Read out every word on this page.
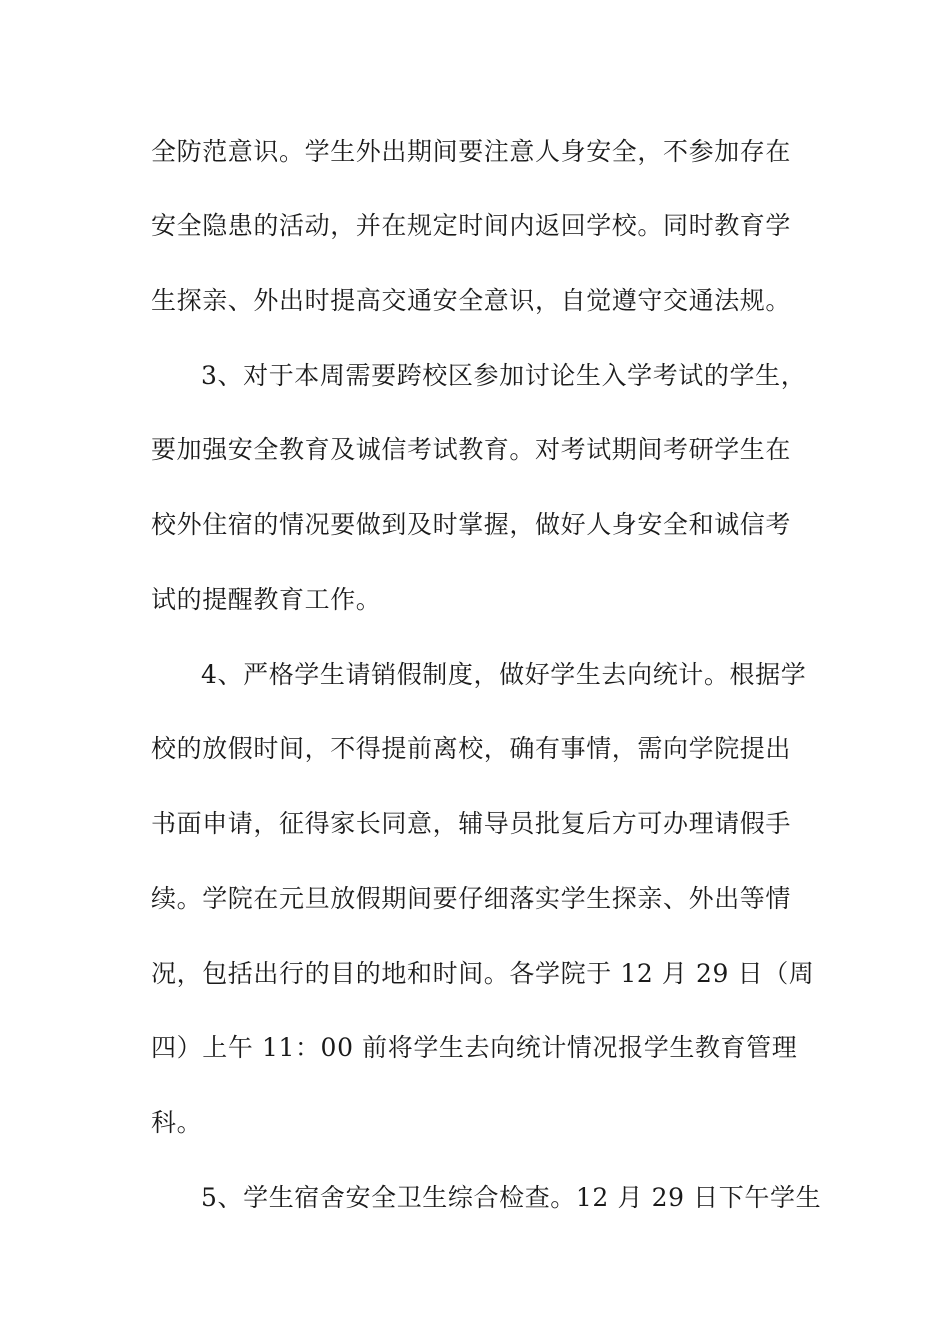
全防范意识。学生外出期间要注意人身安全，不参加存在
安全隐患的活动，并在规定时间内返回学校。同时教育学
生探亲、外出时提高交通安全意识，自觉遵守交通法规。
3、对于本周需要跨校区参加讨论生入学考试的学生，
要加强安全教育及诚信考试教育。对考试期间考研学生在
校外住宿的情况要做到及时掌握，做好人身安全和诚信考
试的提醒教育工作。
4、严格学生请销假制度，做好学生去向统计。根据学
校的放假时间，不得提前离校，确有事情，需向学院提出
书面申请，征得家长同意，辅导员批复后方可办理请假手
续。学院在元旦放假期间要仔细落实学生探亲、外出等情
况，包括出行的目的地和时间。各学院于 12 月 29 日（周
四）上午 11：00 前将学生去向统计情况报学生教育管理
科。
5、学生宿舍安全卫生综合检查。12 月 29 日下午学生
